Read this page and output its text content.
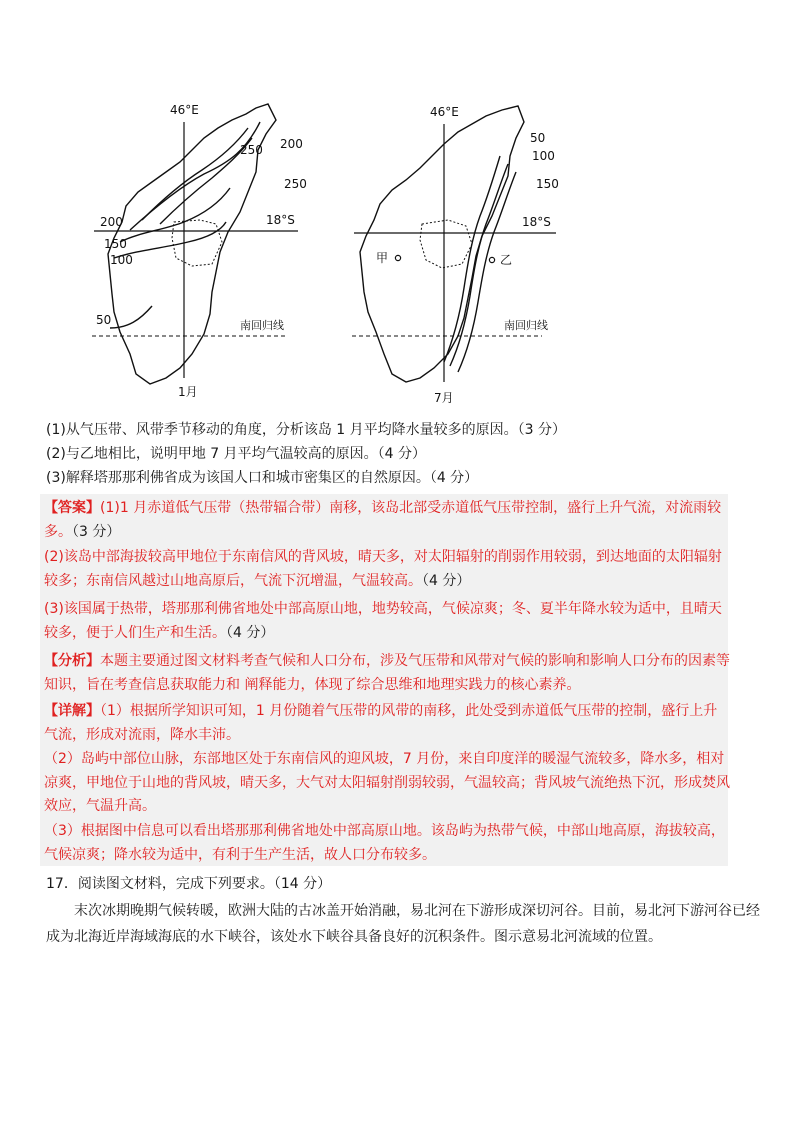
46°E
18°S
南回归线
1月
250 200
250
200
150
100
50
46°E
18°S
南回归线
7月
50
100
150
甲	乙

(1)从气压带、风带季节移动的角度，分析该岛 1 月平均降水量较多的原因。（3 分）

(2)与乙地相比，说明甲地 7 月平均气温较高的原因。（4 分）

(3)解释塔那那利佛省成为该国人口和城市密集区的自然原因。（4 分）

【答案】(1)1 月赤道低气压带（热带辐合带）南移，该岛北部受赤道低气压带控制，盛行上升气流，对流雨较多。（3 分）

(2)该岛中部海拔较高甲地位于东南信风的背风坡，晴天多，对太阳辐射的削弱作用较弱，到达地面的太阳辐射较多；东南信风越过山地高原后，气流下沉增温，气温较高。（4 分）

(3)该国属于热带，塔那那利佛省地处中部高原山地，地势较高，气候凉爽；冬、夏半年降水较为适中，且晴天较多，便于人们生产和生活。（4 分）

【分析】本题主要通过图文材料考查气候和人口分布，涉及气压带和风带对气候的影响和影响人口分布的因素等知识，旨在考查信息获取能力和 阐释能力，体现了综合思维和地理实践力的核心素养。

【详解】（1）根据所学知识可知，1 月份随着气压带的风带的南移，此处受到赤道低气压带的控制，盛行上升气流，形成对流雨，降水丰沛。

（2）岛屿中部位山脉，东部地区处于东南信风的迎风坡，7 月份，来自印度洋的暖湿气流较多，降水多，相对凉爽，甲地位于山地的背风坡，晴天多，大气对太阳辐射削弱较弱，气温较高；背风坡气流绝热下沉，形成焚风效应，气温升高。

（3）根据图中信息可以看出塔那那利佛省地处中部高原山地。该岛屿为热带气候，中部山地高原，海拔较高，气候凉爽；降水较为适中，有利于生产生活，故人口分布较多。

17．阅读图文材料，完成下列要求。（14 分）

末次冰期晚期气候转暖，欧洲大陆的古冰盖开始消融，易北河在下游形成深切河谷。目前，易北河下游河谷已经成为北海近岸海域海底的水下峡谷，该处水下峡谷具备良好的沉积条件。图示意易北河流域的位置。
